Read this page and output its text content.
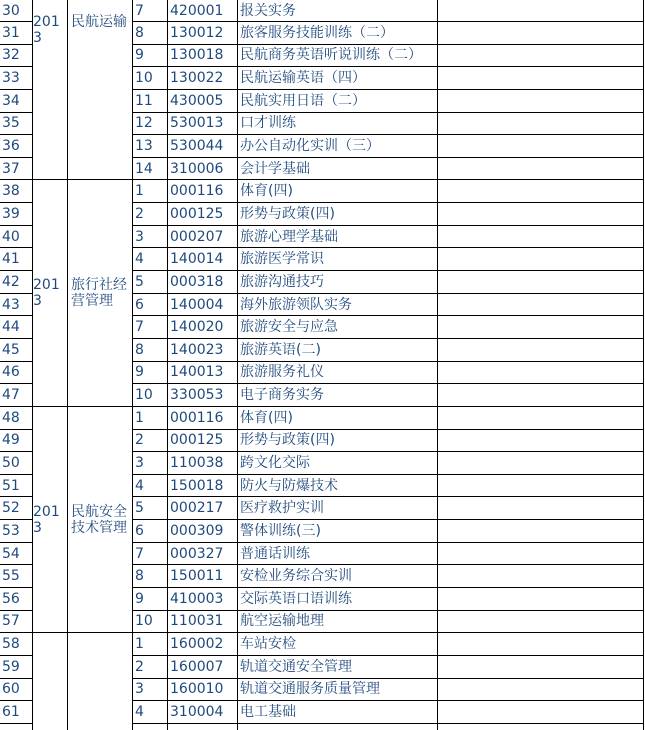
2013
民航运输
30	7	420001	报关实务
31	8	130012	旅客服务技能训练（二）
32	9	130018	民航商务英语听说训练（二）
33	10	130022	民航运输英语（四）
34	11	430005	民航实用日语（二）
35	12	530013	口才训练
36	13	530044	办公自动化实训（三）
37	14	310006	会计学基础
2013
旅行社经营管理
38	1	000116	体育(四)
39	2	000125	形势与政策(四)
40	3	000207	旅游心理学基础
41	4	140014	旅游医学常识
42	5	000318	旅游沟通技巧
43	6	140004	海外旅游领队实务
44	7	140020	旅游安全与应急
45	8	140023	旅游英语(二)
46	9	140013	旅游服务礼仪
47	10	330053	电子商务实务
2013
民航安全技术管理
48	1	000116	体育(四)
49	2	000125	形势与政策(四)
50	3	110038	跨文化交际
51	4	150018	防火与防爆技术
52	5	000217	医疗救护实训
53	6	000309	警体训练(三)
54	7	000327	普通话训练
55	8	150011	安检业务综合实训
56	9	410003	交际英语口语训练
57	10	110031	航空运输地理
58	1	160002	车站安检
59	2	160007	轨道交通安全管理
60	3	160010	轨道交通服务质量管理
61	4	310004	电工基础
